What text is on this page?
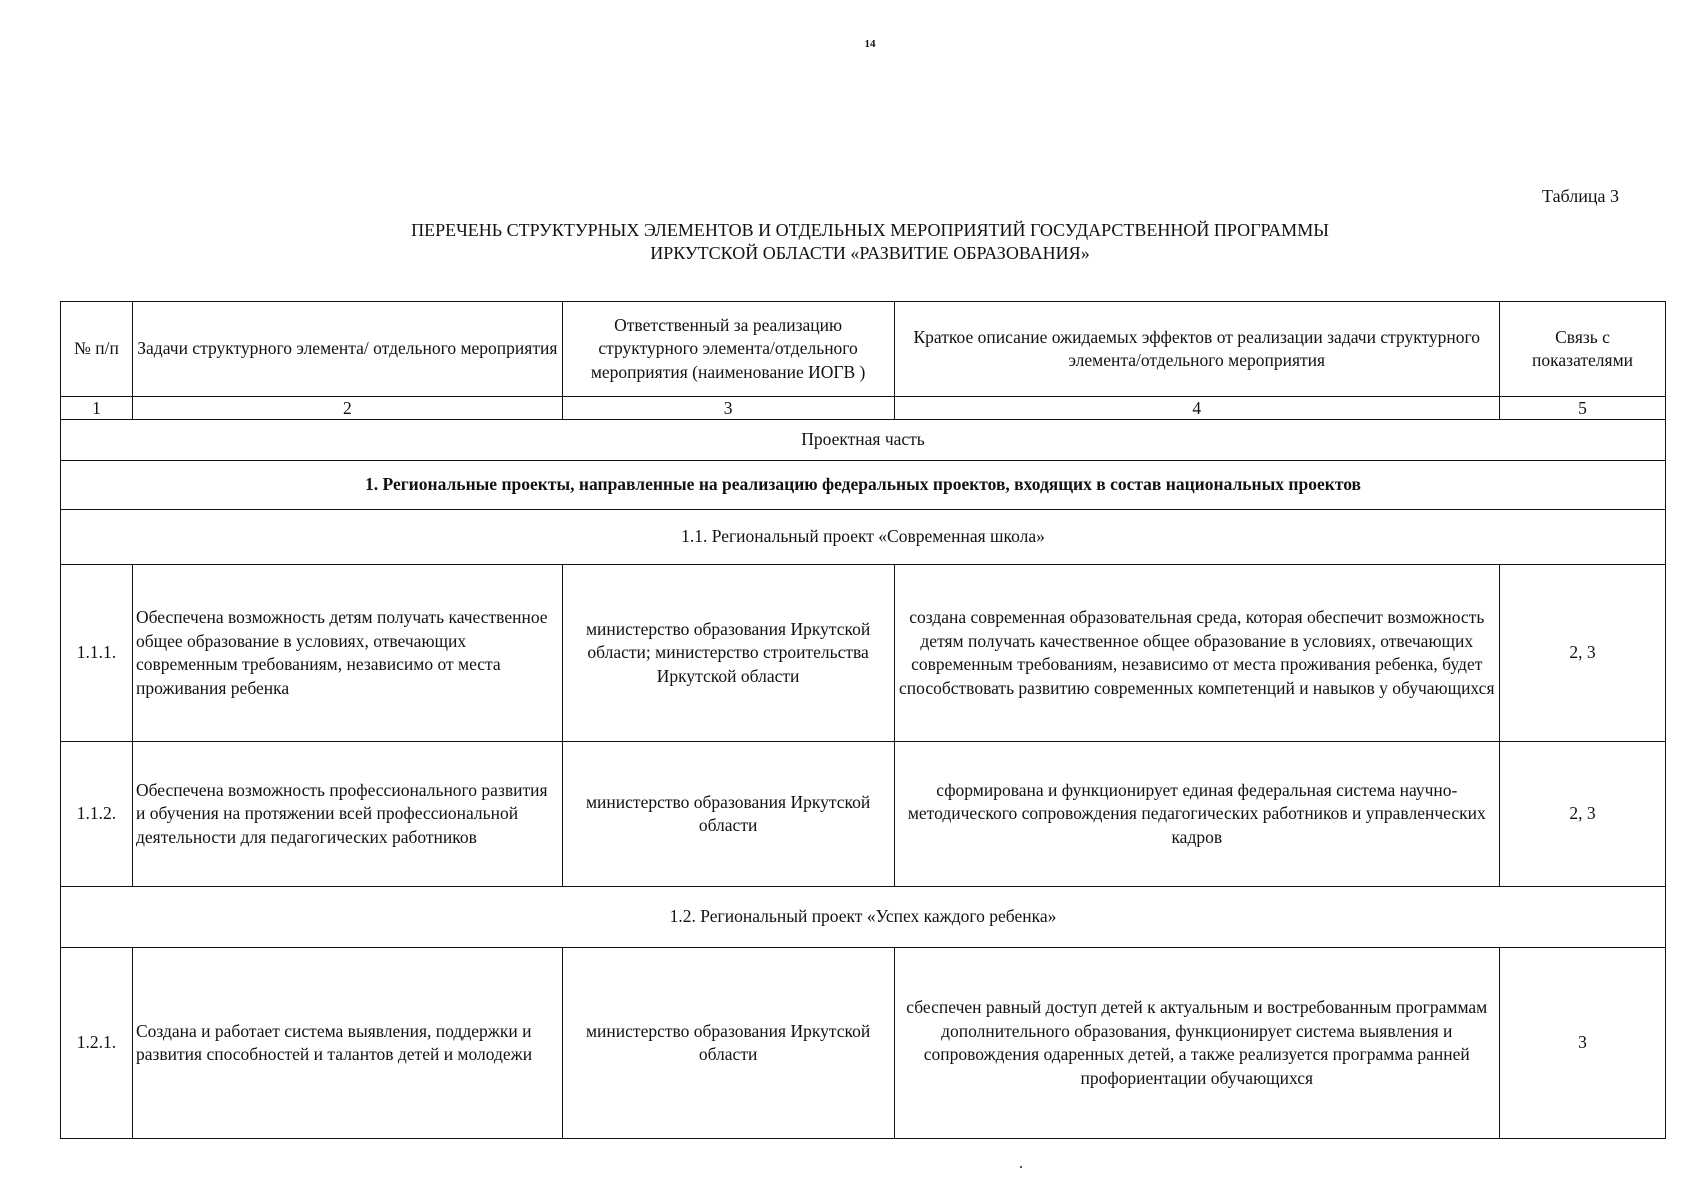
14
Таблица 3
ПЕРЕЧЕНЬ СТРУКТУРНЫХ ЭЛЕМЕНТОВ И ОТДЕЛЬНЫХ МЕРОПРИЯТИЙ ГОСУДАРСТВЕННОЙ ПРОГРАММЫ
ИРКУТСКОЙ ОБЛАСТИ «РАЗВИТИЕ ОБРАЗОВАНИЯ»
№ п/п	Задачи структурного элемента/ отдельного мероприятия	Ответственный за реализацию структурного элемента/отдельного мероприятия (наименование ИОГВ )	Краткое описание ожидаемых эффектов от реализации задачи структурного элемента/отдельного мероприятия	Связь с показателями
1	2	3	4	5
Проектная часть				
1. Региональные проекты, направленные на реализацию федеральных проектов, входящих в состав национальных проектов				
1.1. Региональный проект «Современная школа»				
1.1.1.	Обеспечена возможность детям получать качественное общее образование в условиях, отвечающих современным требованиям, независимо от места проживания ребенка	министерство образования Иркутской области; министерство строительства Иркутской области	создана современная образовательная среда, которая обеспечит возможность детям получать качественное общее образование в условиях, отвечающих современным требованиям, независимо от места проживания ребенка, будет способствовать развитию современных компетенций и навыков у обучающихся	2, 3
1.1.2.	Обеспечена возможность профессионального развития и обучения на протяжении всей профессиональной деятельности для педагогических работников	министерство образования Иркутской области	сформирована и функционирует единая федеральная система научно-методического сопровождения педагогических работников и управленческих кадров	2, 3
1.2. Региональный проект «Успех каждого ребенка»				
1.2.1.	Создана и работает система выявления, поддержки и развития способностей и талантов детей и молодежи	министерство образования Иркутской области	сбеспечен равный доступ детей к актуальным и востребованным программам дополнительного образования, функционирует система выявления и сопровождения одаренных детей, а также реализуется программа ранней профориентации обучающихся	3
